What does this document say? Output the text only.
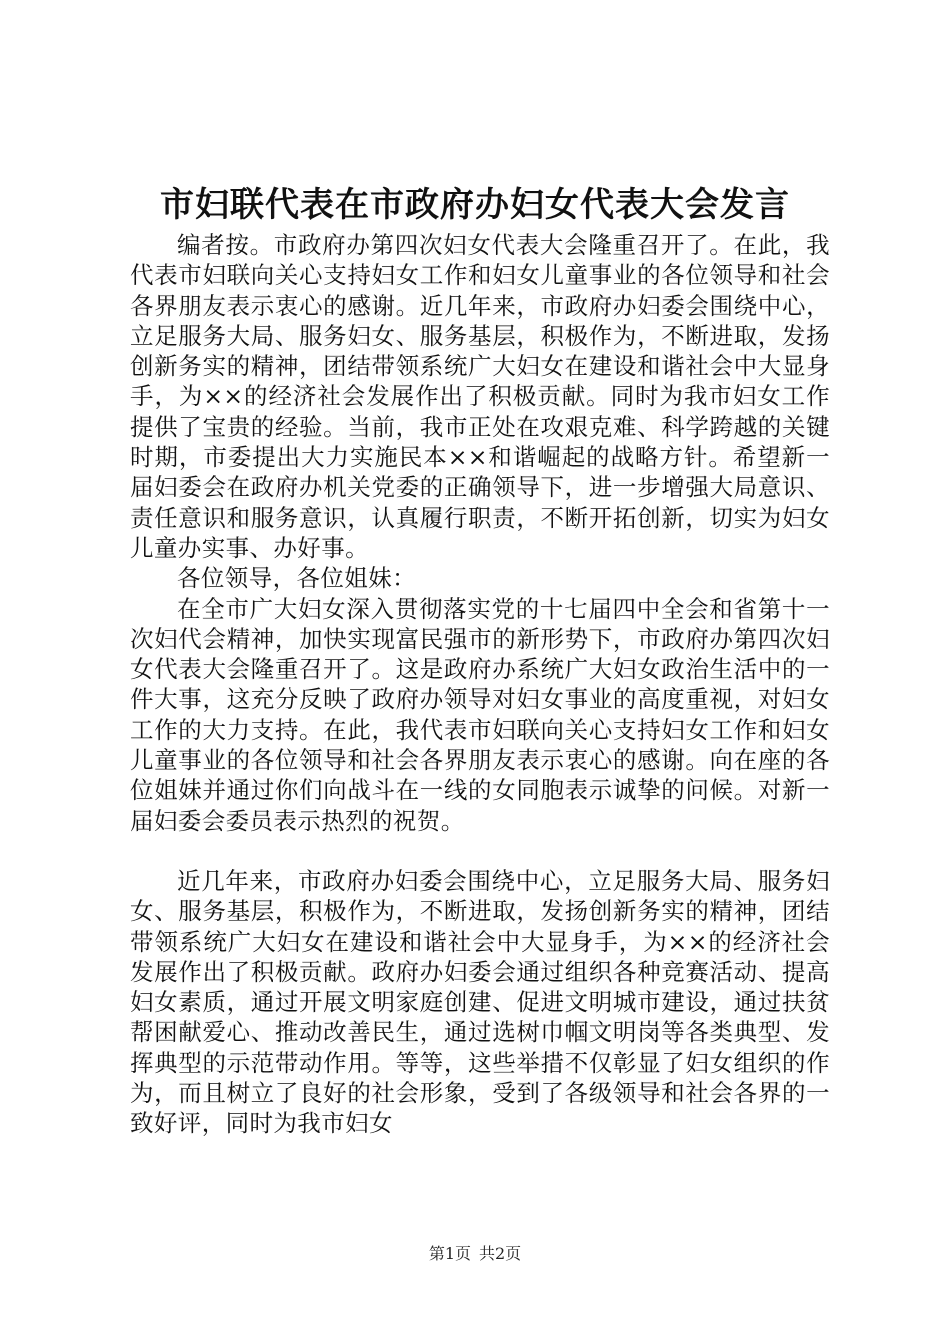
市妇联代表在市政府办妇女代表大会发言

编者按。市政府办第四次妇女代表大会隆重召开了。在此，我代表市妇联向关心支持妇女工作和妇女儿童事业的各位领导和社会各界朋友表示衷心的感谢。近几年来，市政府办妇委会围绕中心，立足服务大局、服务妇女、服务基层，积极作为，不断进取，发扬创新务实的精神，团结带领系统广大妇女在建设和谐社会中大显身手，为××的经济社会发展作出了积极贡献。同时为我市妇女工作提供了宝贵的经验。当前，我市正处在攻艰克难、科学跨越的关键时期，市委提出大力实施民本××和谐崛起的战略方针。希望新一届妇委会在政府办机关党委的正确领导下，进一步增强大局意识、责任意识和服务意识，认真履行职责，不断开拓创新，切实为妇女儿童办实事、办好事。

各位领导，各位姐妹：

在全市广大妇女深入贯彻落实党的十七届四中全会和省第十一次妇代会精神，加快实现富民强市的新形势下，市政府办第四次妇女代表大会隆重召开了。这是政府办系统广大妇女政治生活中的一件大事，这充分反映了政府办领导对妇女事业的高度重视，对妇女工作的大力支持。在此，我代表市妇联向关心支持妇女工作和妇女儿童事业的各位领导和社会各界朋友表示衷心的感谢。向在座的各位姐妹并通过你们向战斗在一线的女同胞表示诚挚的问候。对新一届妇委会委员表示热烈的祝贺。

近几年来，市政府办妇委会围绕中心，立足服务大局、服务妇女、服务基层，积极作为，不断进取，发扬创新务实的精神，团结带领系统广大妇女在建设和谐社会中大显身手，为××的经济社会发展作出了积极贡献。政府办妇委会通过组织各种竞赛活动、提高妇女素质，通过开展文明家庭创建、促进文明城市建设，通过扶贫帮困献爱心、推动改善民生，通过选树巾帼文明岗等各类典型、发挥典型的示范带动作用。等等，这些举措不仅彰显了妇女组织的作为，而且树立了良好的社会形象，受到了各级领导和社会各界的一致好评，同时为我市妇女

第1页 共2页
